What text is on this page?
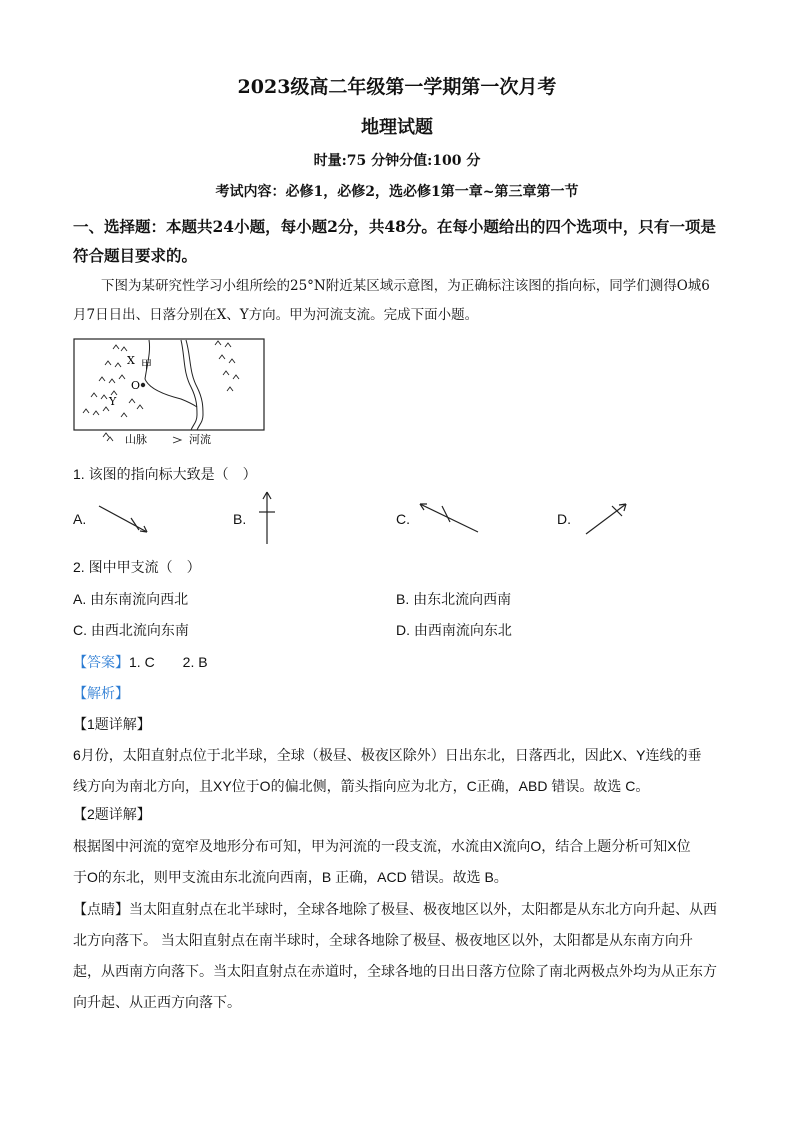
2023级高二年级第一学期第一次月考
地理试题
时量:75 分钟分值:100 分
考试内容：必修1，必修2，选必修1第一章~第三章第一节
一、选择题：本题共24小题，每小题2分，共48分。在每小题给出的四个选项中，只有一项是符合题目要求的。
下图为某研究性学习小组所绘的25°N附近某区域示意图，为正确标注该图的指向标，同学们测得O城6月7日日出、日落分别在X、Y方向。甲为河流支流。完成下面小题。
X 甲
O
Y
山脉	河流
1. 该图的指向标大致是（　）
A.	B.	C.	D.
2. 图中甲支流（　）
A. 由东南流向西北	B. 由东北流向西南
C. 由西北流向东南	D. 由西南流向东北
【答案】1. C　　2. B
【解析】
【1题详解】
6月份，太阳直射点位于北半球，全球（极昼、极夜区除外）日出东北，日落西北，因此X、Y连线的垂
线方向为南北方向，且XY位于O的偏北侧，箭头指向应为北方，C正确，ABD 错误。故选 C。
【2题详解】
根据图中河流的宽窄及地形分布可知，甲为河流的一段支流，水流由X流向O，结合上题分析可知X位
于O的东北，则甲支流由东北流向西南，B 正确，ACD 错误。故选 B。
【点睛】当太阳直射点在北半球时，全球各地除了极昼、极夜地区以外，太阳都是从东北方向升起、从西
北方向落下。 当太阳直射点在南半球时，全球各地除了极昼、极夜地区以外，太阳都是从东南方向升
起，从西南方向落下。当太阳直射点在赤道时，全球各地的日出日落方位除了南北两极点外均为从正东方
向升起、从正西方向落下。
